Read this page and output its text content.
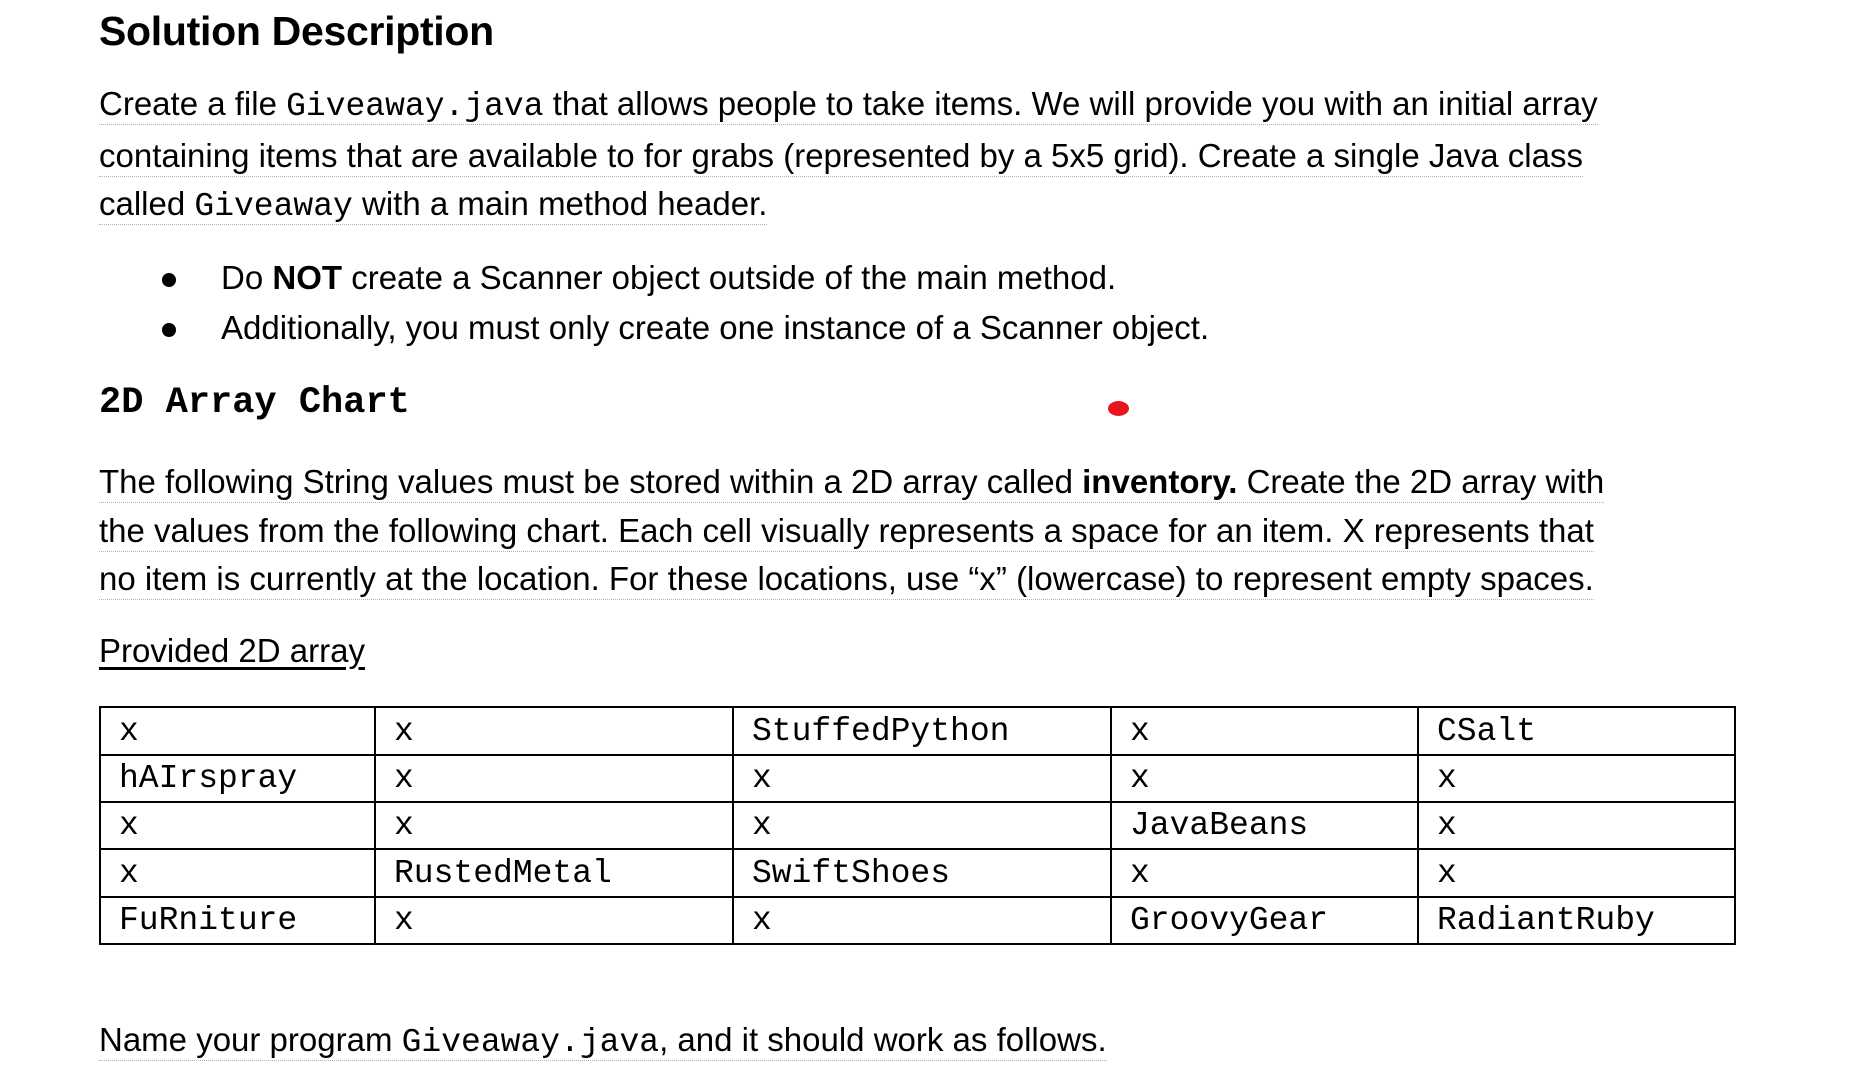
Solution Description

Create a file Giveaway.java that allows people to take items. We will provide you with an initial array
containing items that are available to for grabs (represented by a 5x5 grid). Create a single Java class
called Giveaway with a main method header.

Do NOT create a Scanner object outside of the main method.
Additionally, you must only create one instance of a Scanner object.
2D Array Chart

The following String values must be stored within a 2D array called inventory. Create the 2D array with
the values from the following chart. Each cell visually represents a space for an item. X represents that
no item is currently at the location. For these locations, use “x” (lowercase) to represent empty spaces.

Provided 2D array

x	x	StuffedPython	x	CSalt
hAIrspray	x	x	x	x
x	x	x	JavaBeans	x
x	RustedMetal	SwiftShoes	x	x
FuRniture	x	x	GroovyGear	RadiantRuby

Name your program Giveaway.java, and it should work as follows.
